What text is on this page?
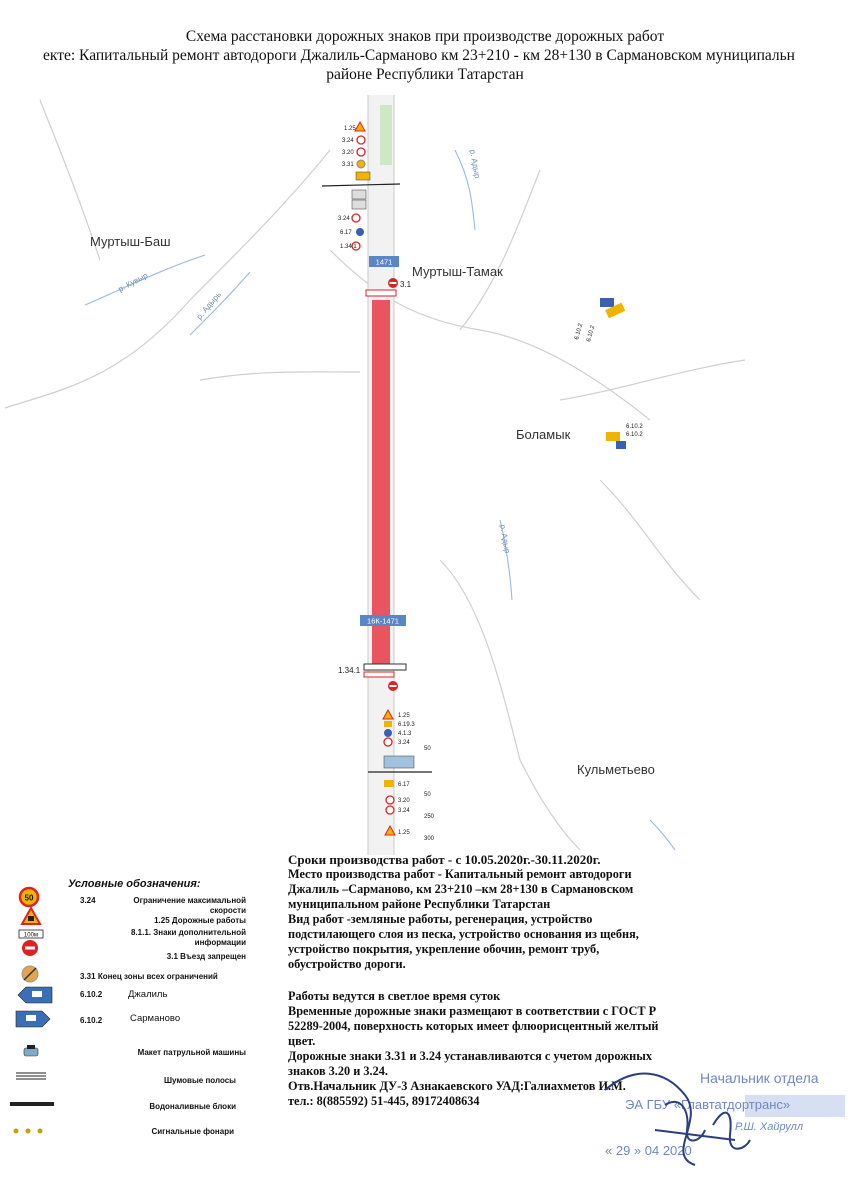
Схема расстановки дорожных знаков при производстве дорожных работ
екте: Капитальный ремонт автодороги Джалиль-Сарманово км 23+210 - км 28+130 в Сармановском муниципальн
районе Республики Татарстан
1471
16К-1471
Муртыш-Баш
Муртыш-Тамак
Боламык
Кульметьево
р. Кувыр
р. Адырь
р. Адыр
р. Адыр
1.25
3.24
3.20
3.31
3.24
6.17
1.34.1
3.1
1.34.1
1.25
6.19.3
4.1.3
3.24
50
6.17
3.20
50
3.24
250
1.25
300
6.10.2 6.10.2
6.10.2
6.10.2
Условные обозначения:
50	3.24	Ограничение максимальной скорости
1.25 Дорожные работы
100м	8.1.1. Знаки дополнительной информации
3.1 Въезд запрещен
3.31 Конец зоны всех ограничений
6.10.2	Джалиль
6.10.2	Сарманово
Макет патрульной машины
Шумовые полосы
Водоналивные блоки
Сигнальные фонари

Сроки производства работ - с 10.05.2020г.-30.11.2020г.

Место производства работ - Капитальный ремонт автодороги

Джалиль –Сарманово, км 23+210 –км 28+130 в Сармановском

муниципальном районе Республики Татарстан

Вид работ -земляные работы, регенерация, устройство

подстилающего слоя из песка, устройство основания из щебня,

устройство покрытия, укрепление обочин, ремонт труб,

обустройство дороги.

Работы ведутся в светлое время суток

Временные дорожные знаки размещают в соответствии с ГОСТ Р

52289-2004, поверхность которых имеет флюорисцентный желтый

цвет.

Дорожные знаки 3.31 и 3.24 устанавливаются с учетом дорожных

знаков 3.20 и 3.24.

Отв.Начальник ДУ-3 Азнакаевского УАД:Галиахметов И.М.

тел.: 8(885592) 51-445, 89172408634

Начальник отдела
ЭА ГБУ «Главтатдортранс»
Р.Ш. Хайрулл
« 29 » 04 2020
